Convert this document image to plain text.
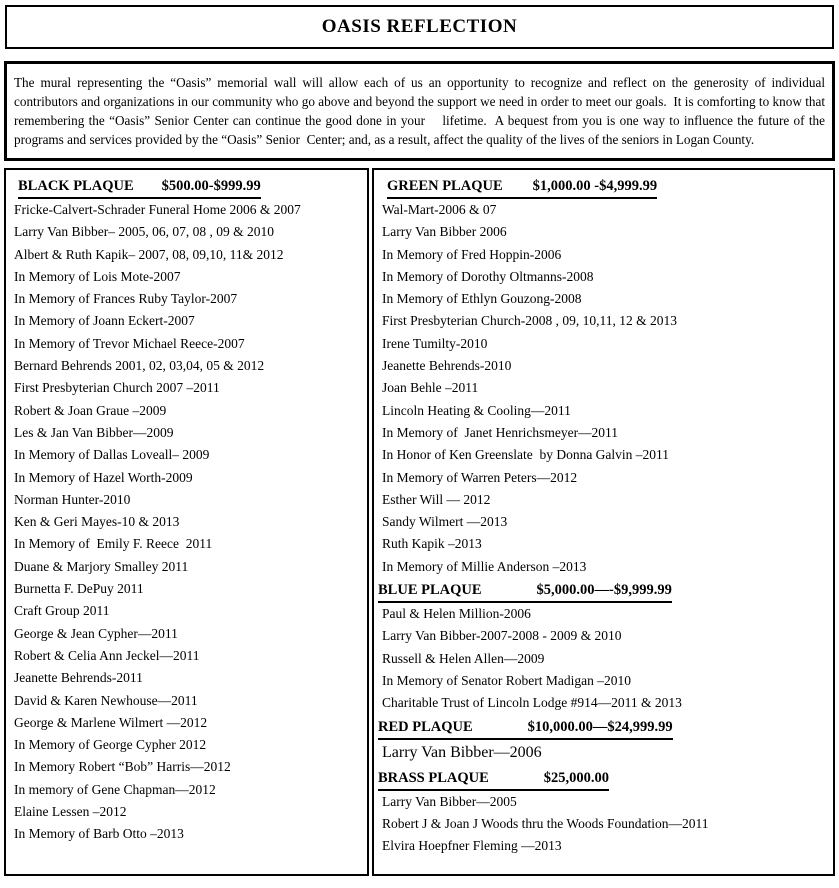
OASIS REFLECTION

The mural representing the “Oasis” memorial wall will allow each of us an opportunity to recognize and reflect on the generosity of individual contributors and organizations in our community who go above and beyond the support we need in order to meet our goals.  It is comforting to know that  remembering the “Oasis” Senior Center can continue the good done in your    lifetime.  A bequest from you is one way to influence the future of the programs and services provided by the “Oasis” Senior  Center; and, as a result, affect the quality of the lives of the seniors in Logan County.

BLACK PLAQUE $500.00-$999.99
Fricke-Calvert-Schrader Funeral Home 2006 & 2007
Larry Van Bibber– 2005, 06, 07, 08 , 09 & 2010
Albert & Ruth Kapik– 2007, 08, 09,10, 11& 2012
In Memory of Lois Mote-2007
In Memory of Frances Ruby Taylor-2007
In Memory of Joann Eckert-2007
In Memory of Trevor Michael Reece-2007
Bernard Behrends 2001, 02, 03,04, 05 & 2012
First Presbyterian Church 2007 –2011
Robert & Joan Graue –2009
Les & Jan Van Bibber—2009
In Memory of Dallas Loveall– 2009
In Memory of Hazel Worth-2009
Norman Hunter-2010
Ken & Geri Mayes-10 & 2013
In Memory of  Emily F. Reece  2011
Duane & Marjory Smalley 2011
Burnetta F. DePuy 2011
Craft Group 2011
George & Jean Cypher—2011
Robert & Celia Ann Jeckel—2011
Jeanette Behrends-2011
David & Karen Newhouse—2011
George & Marlene Wilmert —2012
In Memory of George Cypher 2012
In Memory Robert “Bob” Harris—2012
In memory of Gene Chapman—2012
Elaine Lessen –2012
In Memory of Barb Otto –2013
GREEN PLAQUE $1,000.00 -$4,999.99
Wal-Mart-2006 & 07
Larry Van Bibber 2006
In Memory of Fred Hoppin-2006
In Memory of Dorothy Oltmanns-2008
In Memory of Ethlyn Gouzong-2008
First Presbyterian Church-2008 , 09, 10,11, 12 & 2013
Irene Tumilty-2010
Jeanette Behrends-2010
Joan Behle –2011
Lincoln Heating & Cooling—2011
In Memory of  Janet Henrichsmeyer—2011
In Honor of Ken Greenslate  by Donna Galvin –2011
In Memory of Warren Peters—2012
Esther Will — 2012
Sandy Wilmert —2013
Ruth Kapik –2013
In Memory of Millie Anderson –2013
BLUE PLAQUE	$5,000.00—-$9,999.99
Paul & Helen Million-2006
Larry Van Bibber-2007-2008 - 2009 & 2010
Russell & Helen Allen—2009
In Memory of Senator Robert Madigan –2010
Charitable Trust of Lincoln Lodge #914—2011 & 2013
RED PLAQUE	$10,000.00—$24,999.99
Larry Van Bibber—2006
BRASS PLAQUE	$25,000.00
Larry Van Bibber—2005
Robert J & Joan J Woods thru the Woods Foundation—2011
Elvira Hoepfner Fleming —2013
